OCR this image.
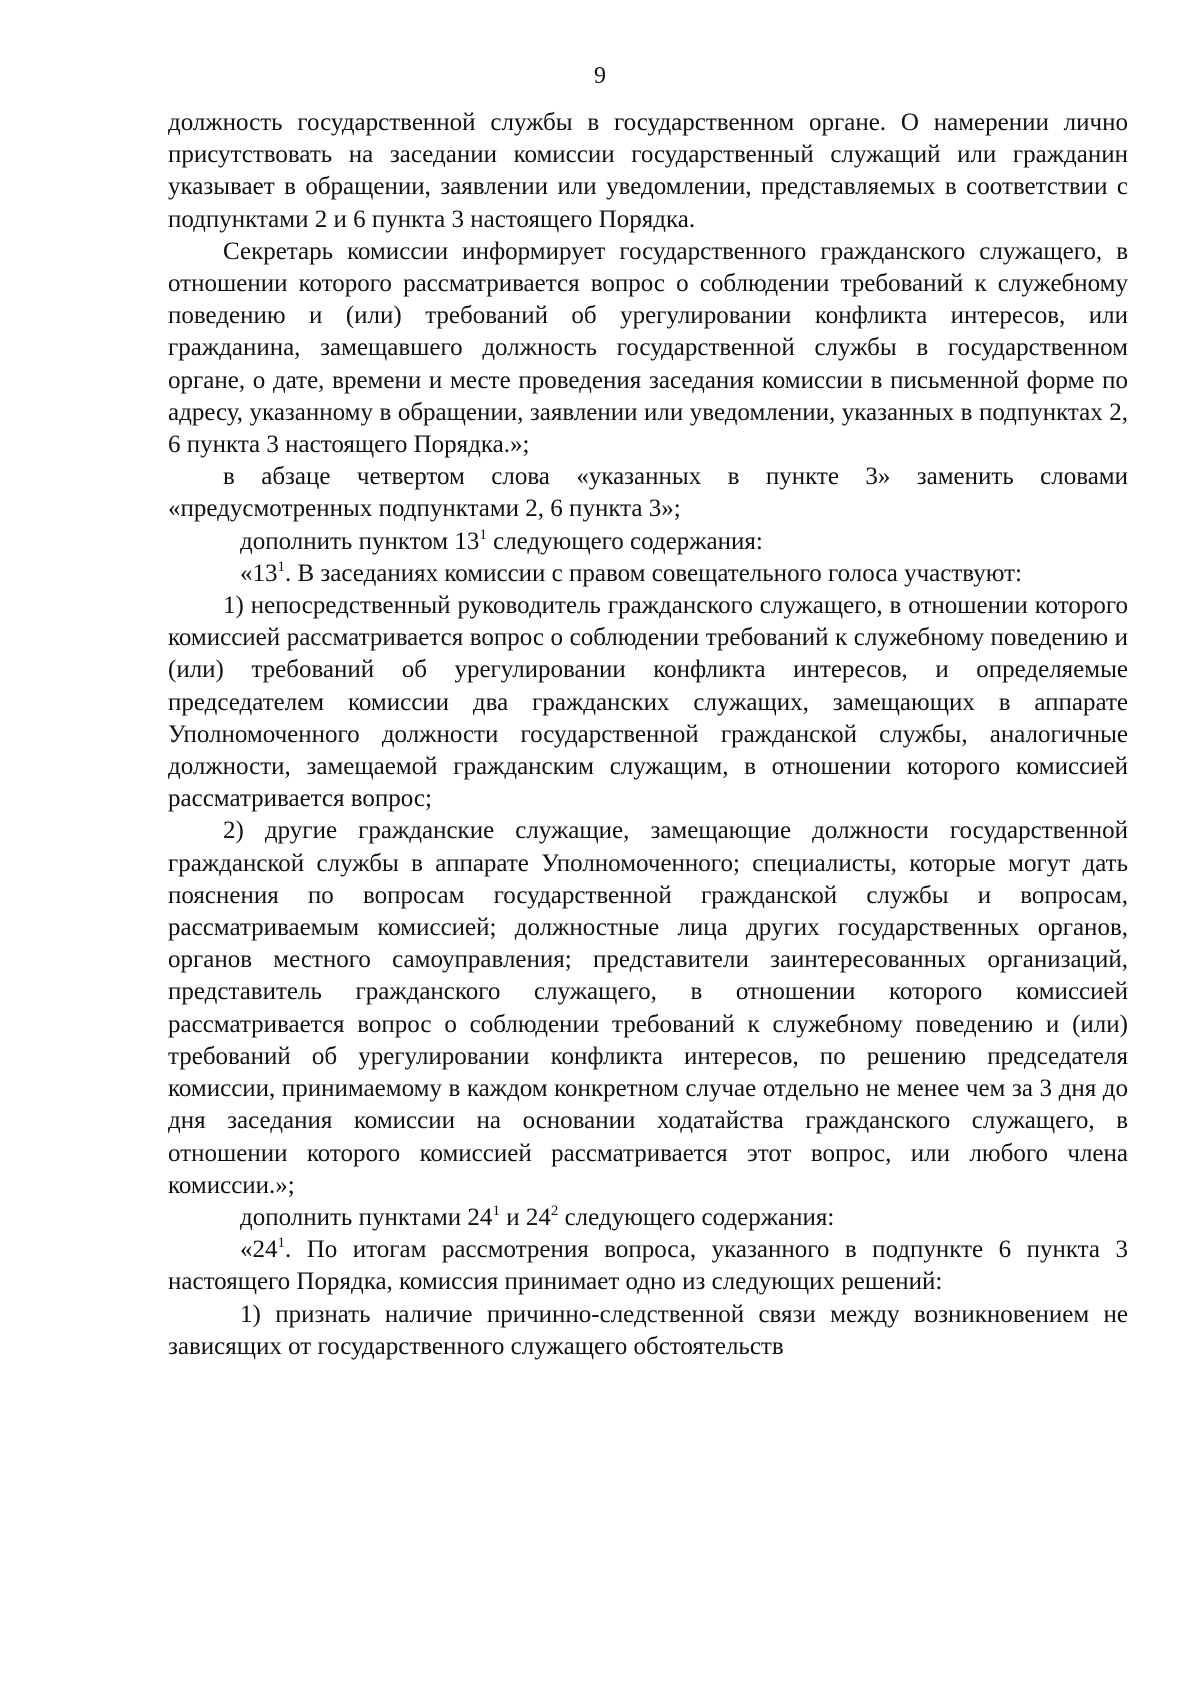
9

должность государственной службы в государственном органе. О намерении лично присутствовать на заседании комиссии государственный служащий или гражданин указывает в обращении, заявлении или уведомлении, представляемых в соответствии с подпунктами 2 и 6 пункта 3 настоящего Порядка.

Секретарь комиссии информирует государственного гражданского служащего, в отношении которого рассматривается вопрос о соблюдении требований к служебному поведению и (или) требований об урегулировании конфликта интересов, или гражданина, замещавшего должность государственной службы в государственном органе, о дате, времени и месте проведения заседания комиссии в письменной форме по адресу, указанному в обращении, заявлении или уведомлении, указанных в подпунктах 2, 6 пункта 3 настоящего Порядка.»;

в абзаце четвертом слова «указанных в пункте 3» заменить словами «предусмотренных подпунктами 2, 6 пункта 3»;

дополнить пунктом $13^1$ следующего содержания:

«$13^1$. В заседаниях комиссии с правом совещательного голоса участвуют:

1) непосредственный руководитель гражданского служащего, в отношении которого комиссией рассматривается вопрос о соблюдении требований к служебному поведению и (или) требований об урегулировании конфликта интересов, и определяемые председателем комиссии два гражданских служащих, замещающих в аппарате Уполномоченного должности государственной гражданской службы, аналогичные должности, замещаемой гражданским служащим, в отношении которого комиссией рассматривается вопрос;

2) другие гражданские служащие, замещающие должности государственной гражданской службы в аппарате Уполномоченного; специалисты, которые могут дать пояснения по вопросам государственной гражданской службы и вопросам, рассматриваемым комиссией; должностные лица других государственных органов, органов местного самоуправления; представители заинтересованных организаций, представитель гражданского служащего, в отношении которого комиссией рассматривается вопрос о соблюдении требований к служебному поведению и (или) требований об урегулировании конфликта интересов, по решению председателя комиссии, принимаемому в каждом конкретном случае отдельно не менее чем за 3 дня до дня заседания комиссии на основании ходатайства гражданского служащего, в отношении которого комиссией рассматривается этот вопрос, или любого члена комиссии.»;

дополнить пунктами $24^1$ и $24^2$ следующего содержания:

«$24^1$. По итогам рассмотрения вопроса, указанного в подпункте 6 пункта 3 настоящего Порядка, комиссия принимает одно из следующих решений:

1) признать наличие причинно-следственной связи между возникновением не зависящих от государственного служащего обстоятельств
